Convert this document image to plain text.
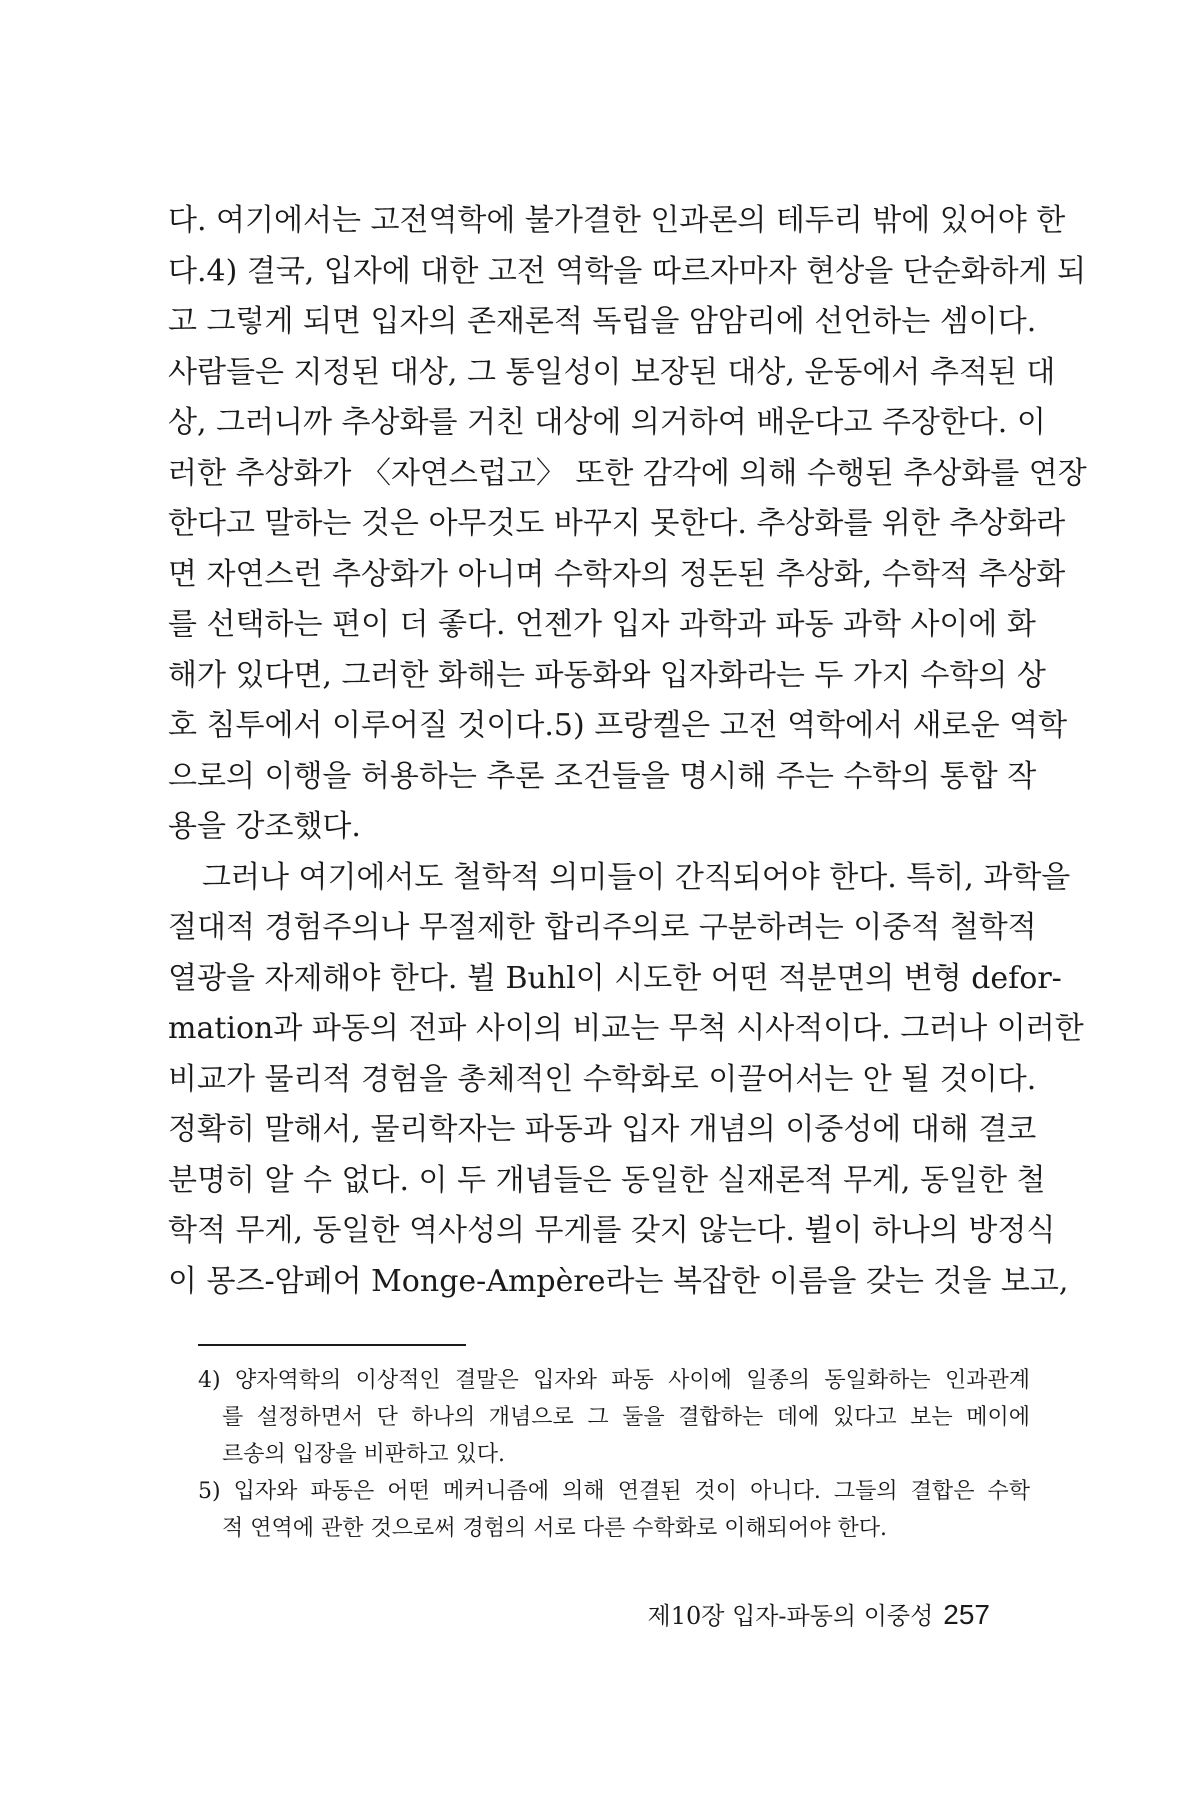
다. 여기에서는 고전역학에 불가결한 인과론의 테두리 밖에 있어야 한
다.4) 결국, 입자에 대한 고전 역학을 따르자마자 현상을 단순화하게 되
고 그렇게 되면 입자의 존재론적 독립을 암암리에 선언하는 셈이다.
사람들은 지정된 대상, 그 통일성이 보장된 대상, 운동에서 추적된 대
상, 그러니까 추상화를 거친 대상에 의거하여 배운다고 주장한다. 이
러한 추상화가 〈자연스럽고〉 또한 감각에 의해 수행된 추상화를 연장
한다고 말하는 것은 아무것도 바꾸지 못한다. 추상화를 위한 추상화라
면 자연스런 추상화가 아니며 수학자의 정돈된 추상화, 수학적 추상화
를 선택하는 편이 더 좋다. 언젠가 입자 과학과 파동 과학 사이에 화
해가 있다면, 그러한 화해는 파동화와 입자화라는 두 가지 수학의 상
호 침투에서 이루어질 것이다.5) 프랑켈은 고전 역학에서 새로운 역학
으로의 이행을 허용하는 추론 조건들을 명시해 주는 수학의 통합 작
용을 강조했다.
그러나 여기에서도 철학적 의미들이 간직되어야 한다. 특히, 과학을
절대적 경험주의나 무절제한 합리주의로 구분하려는 이중적 철학적
열광을 자제해야 한다. 뷜 Buhl이 시도한 어떤 적분면의 변형 defor-
mation과 파동의 전파 사이의 비교는 무척 시사적이다. 그러나 이러한
비교가 물리적 경험을 총체적인 수학화로 이끌어서는 안 될 것이다.
정확히 말해서, 물리학자는 파동과 입자 개념의 이중성에 대해 결코
분명히 알 수 없다. 이 두 개념들은 동일한 실재론적 무게, 동일한 철
학적 무게, 동일한 역사성의 무게를 갖지 않는다. 뷜이 하나의 방정식
이 몽즈-암페어 Monge-Ampère라는 복잡한 이름을 갖는 것을 보고,
4) 양자역학의 이상적인 결말은 입자와 파동 사이에 일종의 동일화하는 인과관계
를 설정하면서 단 하나의 개념으로 그 둘을 결합하는 데에 있다고 보는 메이에
르송의 입장을 비판하고 있다.
5) 입자와 파동은 어떤 메커니즘에 의해 연결된 것이 아니다. 그들의 결합은 수학
적 연역에 관한 것으로써 경험의 서로 다른 수학화로 이해되어야 한다.
제10장 입자-파동의 이중성 257
